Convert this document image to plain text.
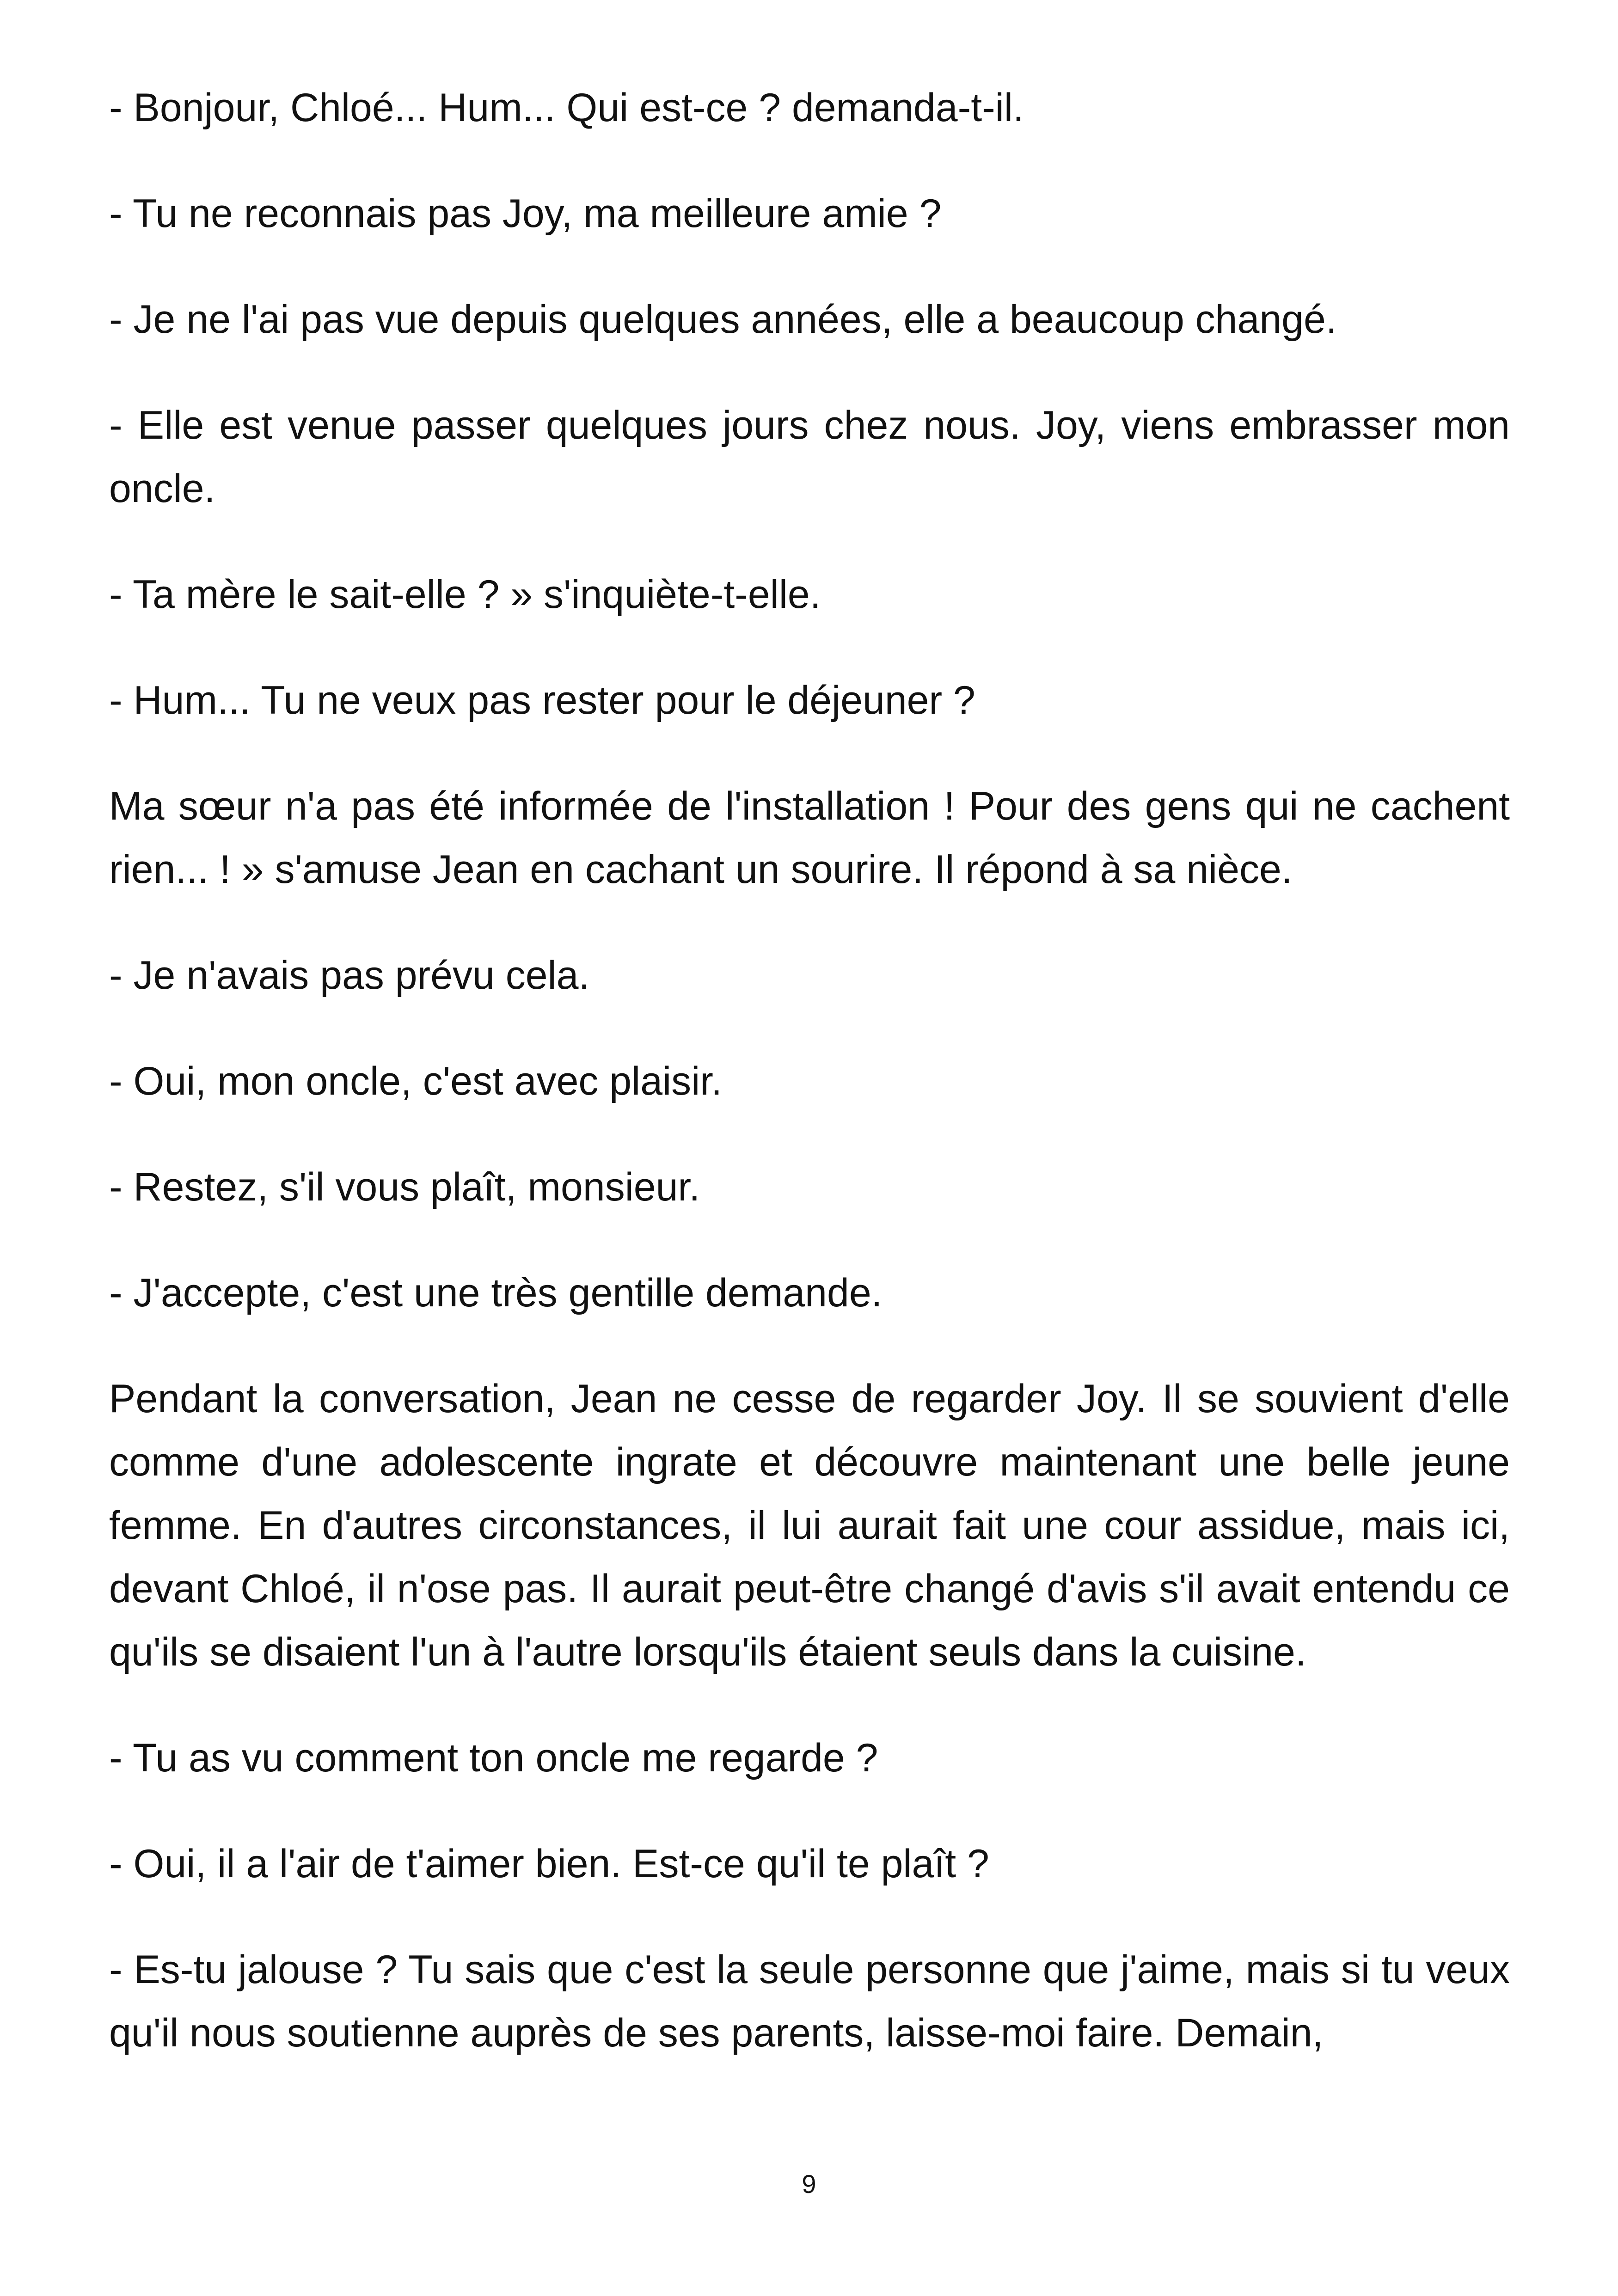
- Bonjour, Chloé... Hum... Qui est-ce ? demanda-t-il.

- Tu ne reconnais pas Joy, ma meilleure amie ?

- Je ne l'ai pas vue depuis quelques années, elle a beaucoup changé.

- Elle est venue passer quelques jours chez nous. Joy, viens embrasser mon oncle.

- Ta mère le sait-elle ? » s'inquiète-t-elle.

- Hum... Tu ne veux pas rester pour le déjeuner ?

Ma sœur n'a pas été informée de l'installation ! Pour des gens qui ne cachent rien... ! » s'amuse Jean en cachant un sourire. Il répond à sa nièce.

- Je n'avais pas prévu cela.

- Oui, mon oncle, c'est avec plaisir.

- Restez, s'il vous plaît, monsieur.

- J'accepte, c'est une très gentille demande.

Pendant la conversation, Jean ne cesse de regarder Joy. Il se souvient d'elle comme d'une adolescente ingrate et découvre maintenant une belle jeune femme. En d'autres circonstances, il lui aurait fait une cour assidue, mais ici, devant Chloé, il n'ose pas. Il aurait peut-être changé d'avis s'il avait entendu ce qu'ils se disaient l'un à l'autre lorsqu'ils étaient seuls dans la cuisine.

- Tu as vu comment ton oncle me regarde ?

- Oui, il a l'air de t'aimer bien. Est-ce qu'il te plaît ?

- Es-tu jalouse ? Tu sais que c'est la seule personne que j'aime, mais si tu veux qu'il nous soutienne auprès de ses parents, laisse-moi faire. Demain,

9
